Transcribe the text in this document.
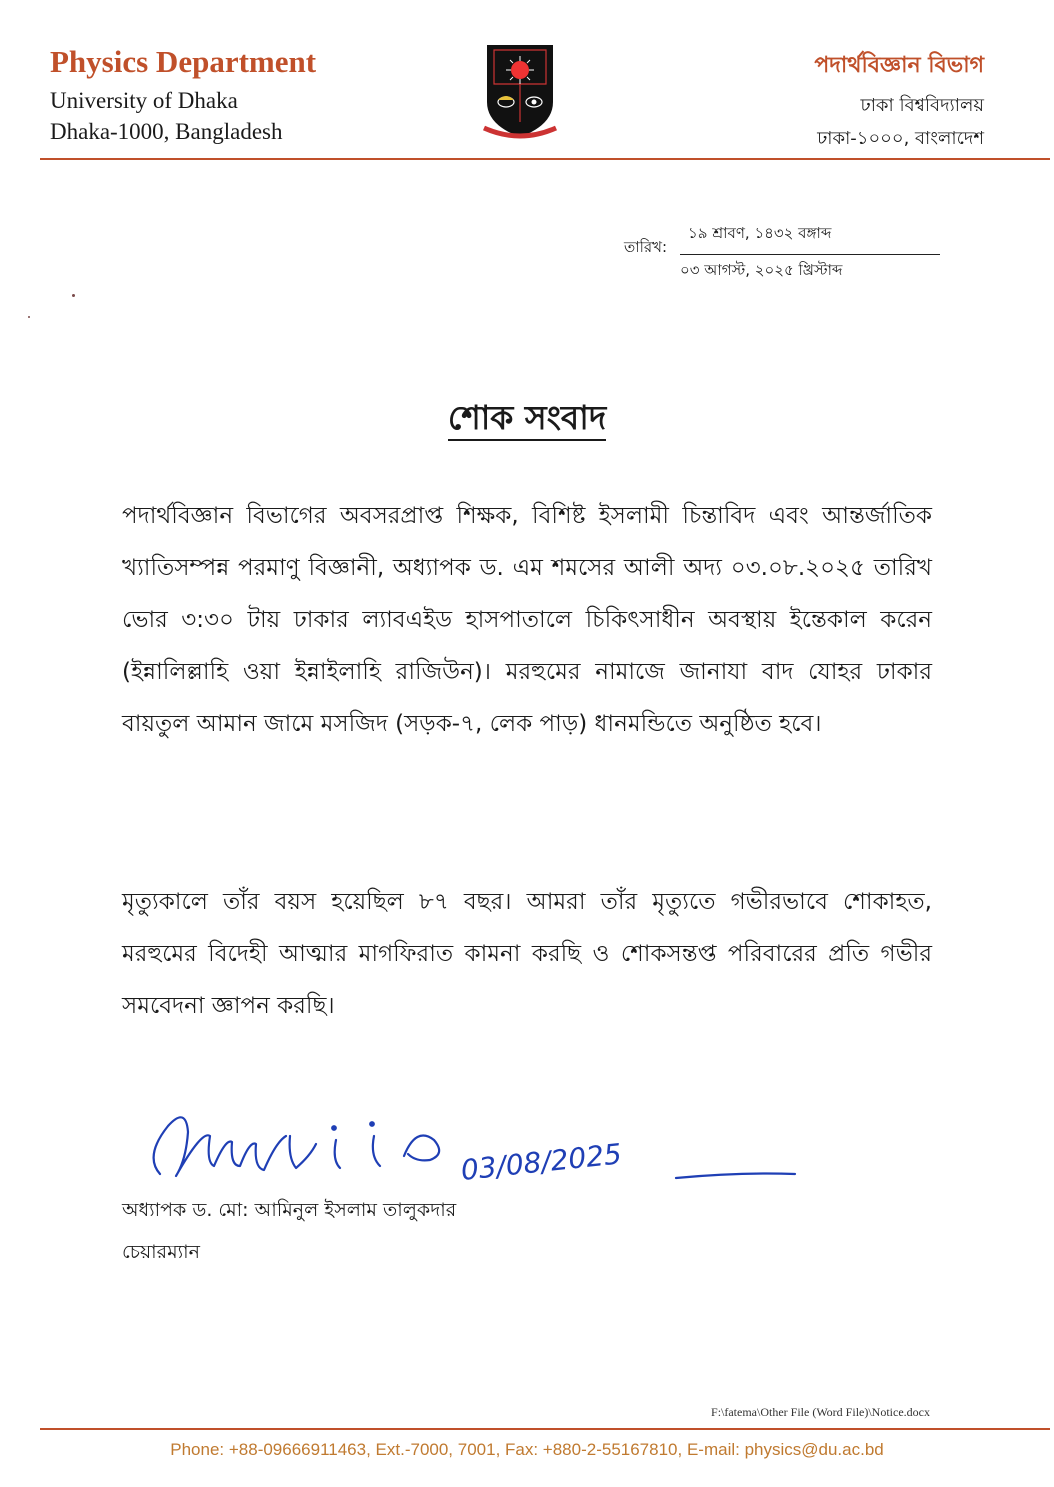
Physics Department
University of Dhaka
Dhaka-1000, Bangladesh
পদার্থবিজ্ঞান বিভাগ
ঢাকা বিশ্ববিদ্যালয়
ঢাকা-১০০০, বাংলাদেশ
তারিখ:
১৯ শ্রাবণ, ১৪৩২ বঙ্গাব্দ
০৩ আগস্ট, ২০২৫ খ্রিস্টাব্দ
শোক সংবাদ
পদার্থবিজ্ঞান বিভাগের অবসরপ্রাপ্ত শিক্ষক, বিশিষ্ট ইসলামী চিন্তাবিদ এবং আন্তর্জাতিক খ্যাতিসম্পন্ন পরমাণু বিজ্ঞানী, অধ্যাপক ড. এম শমসের আলী অদ্য ০৩.০৮.২০২৫ তারিখ ভোর ৩:৩০ টায় ঢাকার ল্যাবএইড হাসপাতালে চিকিৎসাধীন অবস্থায় ইন্তেকাল করেন (ইন্নালিল্লাহি ওয়া ইন্নাইলাহি রাজিউন)। মরহুমের নামাজে জানাযা বাদ যোহর ঢাকার বায়তুল আমান জামে মসজিদ (সড়ক-৭, লেক পাড়) ধানমন্ডিতে অনুষ্ঠিত হবে।
মৃত্যুকালে তাঁর বয়স হয়েছিল ৮৭ বছর। আমরা তাঁর মৃত্যুতে গভীরভাবে শোকাহত, মরহুমের বিদেহী আত্মার মাগফিরাত কামনা করছি ও শোকসন্তপ্ত পরিবারের প্রতি গভীর সমবেদনা জ্ঞাপন করছি।
03/08/2025
অধ্যাপক ড. মো: আমিনুল ইসলাম তালুকদার
চেয়ারম্যান
F:\fatema\Other File (Word File)\Notice.docx
Phone: +88-09666911463, Ext.-7000, 7001, Fax: +880-2-55167810, E-mail: physics@du.ac.bd
